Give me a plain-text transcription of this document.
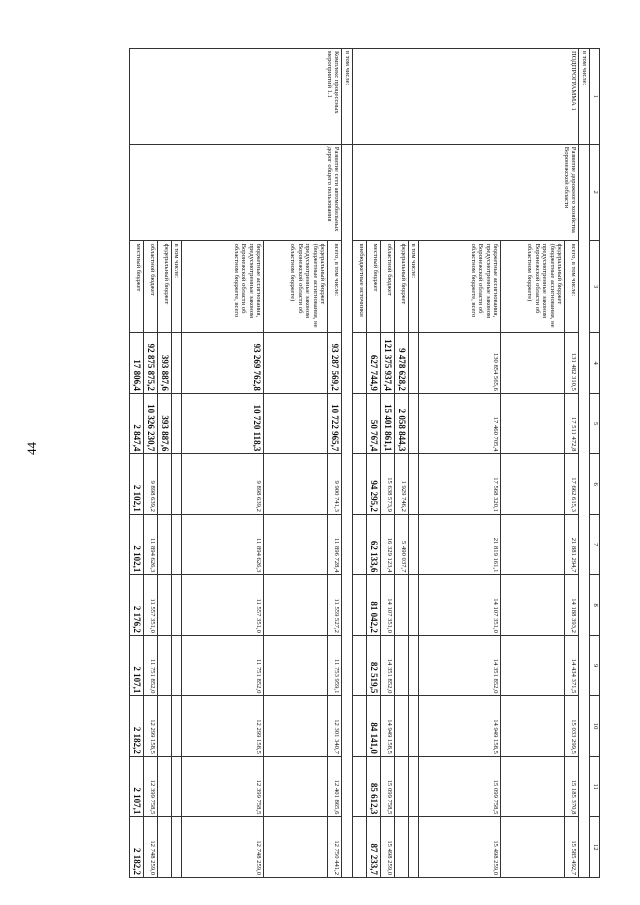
44
1	2	3	4	5	6	7	8	9	10	11	12
в том числе:											
ПОДПРОГРАММА 1	Развитие дорожного хозяйства Воронежской области	всего, в том числе:	131 482 310,5	17 511 472,8	17 662 615,3	21 881 294,7	14 188 393,2	14 434 371,5	15 033 299,5	15 185 370,8	15 585 492,7
		федеральный бюджет (бюджетные ассигнования, не предусмотренные законом Воронежской области об областном бюджете)									
		бюджетные ассигнования, предусмотренные законом Воронежской области об областном бюджете, всего	130 854 565,6	17 460 705,4	17 568 320,1	21 819 161,1	14 107 351,0	14 351 852,0	14 949 158,5	15 099 758,5	15 498 259,0
		в том числе:									
		федеральный бюджет	9 478 628,2	2 058 844,3	1 929 746,2	5 490 037,7					
		областной бюджет	121 375 937,4	15 401 861,1	15 638 573,9	16 329 123,4	14 107 351,0	14 351 852,0	14 949 158,5	15 099 758,5	15 498 259,0
		местный бюджет	627 744,9	50 767,4	94 295,2	62 133,6	81 042,2	82 519,5	84 141,0	85 612,3	87 233,7
		внебюджетные источники									
в том числе:											
Комплекс процессных мероприятий 1.1	Развитие сети автомобильных дорог общего пользования	всего, в том числе:	93 287 569,2	10 722 965,7	9 900 741,3	11 896 728,4	11 559 527,2	11 753 959,1	12 301 340,7	12 401 865,6	12 750 441,2
		федеральный бюджет (бюджетные ассигнования, не предусмотренные законом Воронежской области об областном бюджете)									
		бюджетные ассигнования, предусмотренные законом Воронежской области об областном бюджете, всего	93 269 762,8	10 720 118,3	9 898 639,2	11 894 626,3	11 557 351,0	11 751 852,0	12 299 158,5	12 399 758,5	12 748 259,0
		в том числе:									
		федеральный бюджет	393 887,6	393 887,6							
		областной бюджет	92 875 875,2	10 326 230,7	9 898 639,2	11 894 626,3	11 557 351,0	11 751 852,0	12 299 158,5	12 399 758,5	12 748 259,0
		местный бюджет	17 806,4	2 847,4	2 102,1	2 102,1	2 176,2	2 107,1	2 182,2	2 107,1	2 182,2
